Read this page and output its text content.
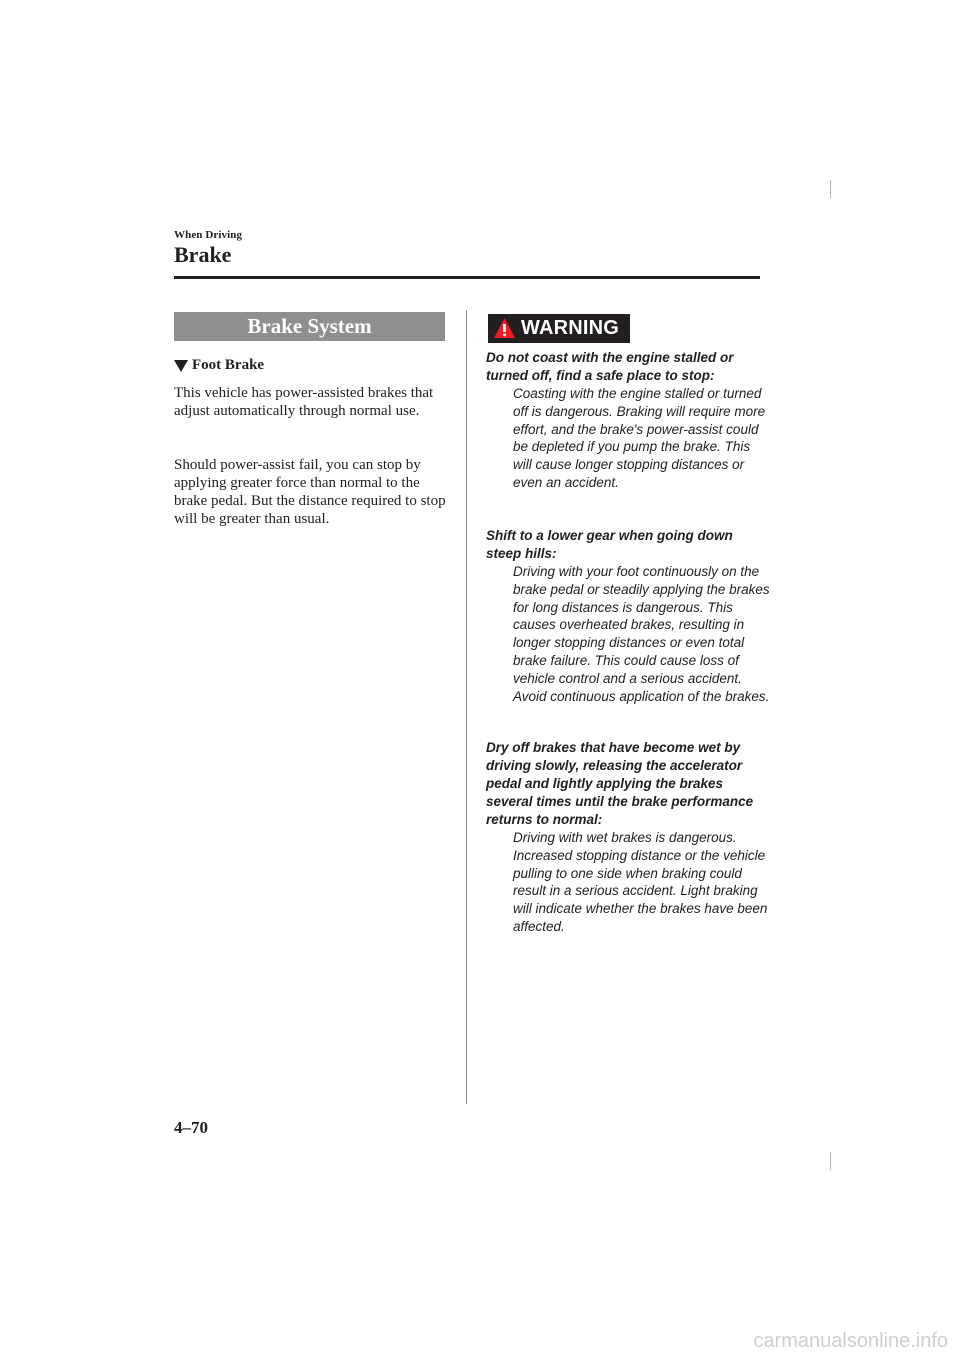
When Driving
Brake
Brake System
Foot Brake

This vehicle has power-assisted brakes that adjust automatically through normal use.

Should power-assist fail, you can stop by applying greater force than normal to the brake pedal. But the distance required to stop will be greater than usual.

WARNING

Do not coast with the engine stalled or turned off, find a safe place to stop:

Coasting with the engine stalled or turned off is dangerous. Braking will require more effort, and the brake's power-assist could be depleted if you pump the brake. This will cause longer stopping distances or even an accident.

Shift to a lower gear when going down steep hills:

Driving with your foot continuously on the brake pedal or steadily applying the brakes for long distances is dangerous. This causes overheated brakes, resulting in longer stopping distances or even total brake failure. This could cause loss of vehicle control and a serious accident. Avoid continuous application of the brakes.

Dry off brakes that have become wet by driving slowly, releasing the accelerator pedal and lightly applying the brakes several times until the brake performance returns to normal:

Driving with wet brakes is dangerous. Increased stopping distance or the vehicle pulling to one side when braking could result in a serious accident. Light braking will indicate whether the brakes have been affected.

4–70
carmanualsonline.info
